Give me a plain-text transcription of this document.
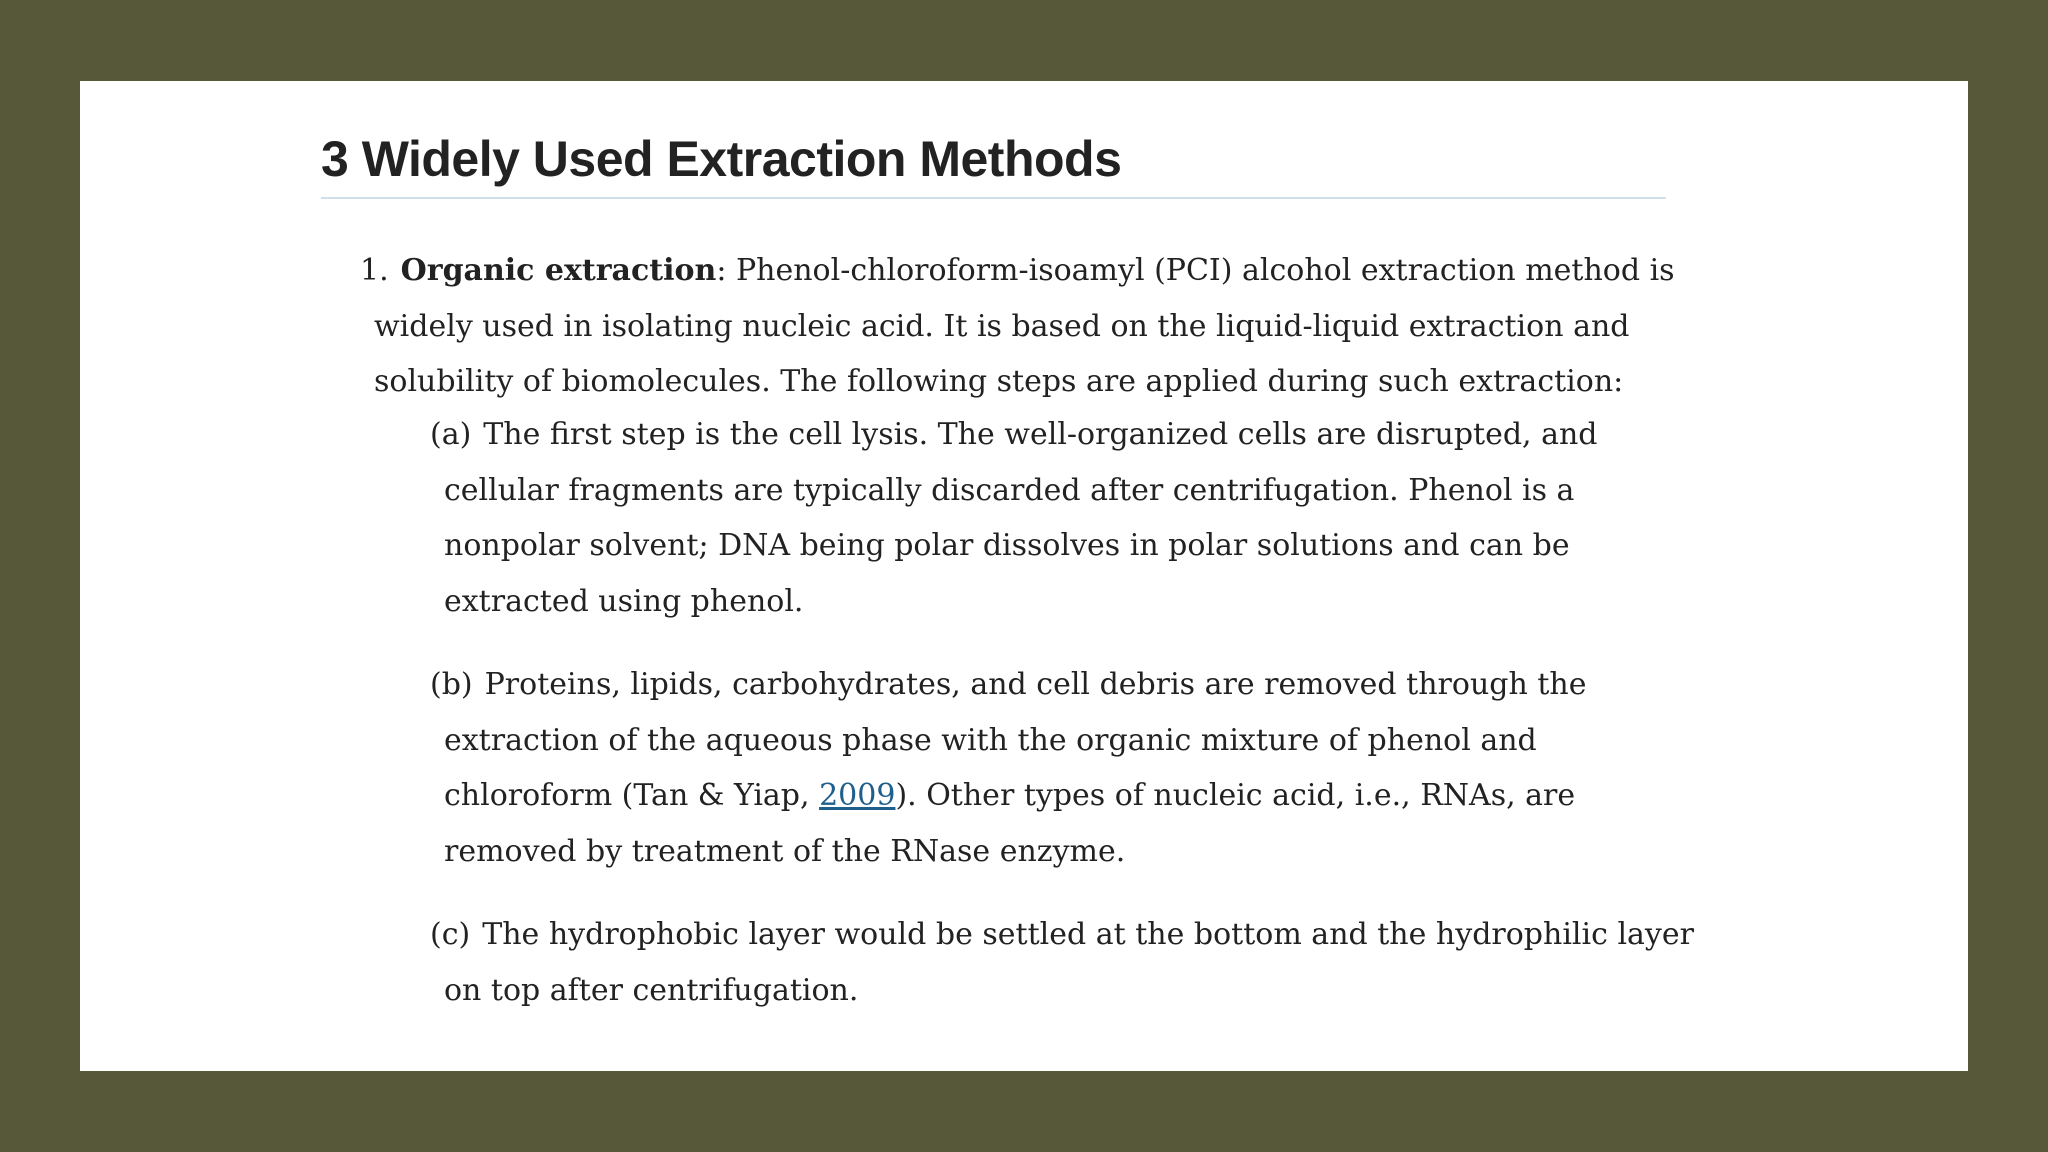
3 Widely Used Extraction Methods

1. Organic extraction: Phenol-chloroform-isoamyl (PCI) alcohol extraction method is
widely used in isolating nucleic acid. It is based on the liquid-liquid extraction and
solubility of biomolecules. The following steps are applied during such extraction:

(a) The first step is the cell lysis. The well-organized cells are disrupted, and
cellular fragments are typically discarded after centrifugation. Phenol is a
nonpolar solvent; DNA being polar dissolves in polar solutions and can be
extracted using phenol.

(b) Proteins, lipids, carbohydrates, and cell debris are removed through the
extraction of the aqueous phase with the organic mixture of phenol and
chloroform (Tan & Yiap, 2009). Other types of nucleic acid, i.e., RNAs, are
removed by treatment of the RNase enzyme.

(c) The hydrophobic layer would be settled at the bottom and the hydrophilic layer
on top after centrifugation.
